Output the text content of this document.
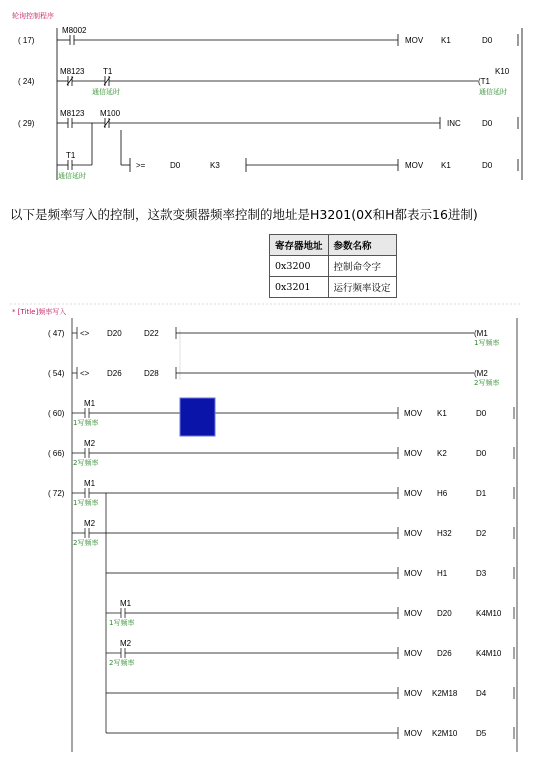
轮询控制程序
( 17)
M8002
MOV K1	D0
( 24)
M8123 T1
通信延时
K10
(T1
通信延时
( 29)
M8123 M100
INC	D0
T1
通信延时
>=	D0	K3	MOV K1	D0
( 47) <> D20	D22	(M1
1写频率
( 54) <> D26	D28	(M2
2写频率
( 60)
M1
1写频率
MOV K1	D0
( 66)
M2
2写频率
MOV K2	D0
( 72)
M1
1写频率
MOV H6	D1
M2
2写频率
MOV H32	D2
MOV H1	D3
M1
1写频率
MOV D20	K4M10
M2
2写频率
MOV D26	K4M10
MOV K2M18 D4
MOV K2M10 D5
以下是频率写入的控制，这款变频器频率控制的地址是H3201(0X和H都表示16进制)
寄存器地址	参数名称
0x3200	控制命令字
0x3201	运行频率设定
* [Title]频率写入
